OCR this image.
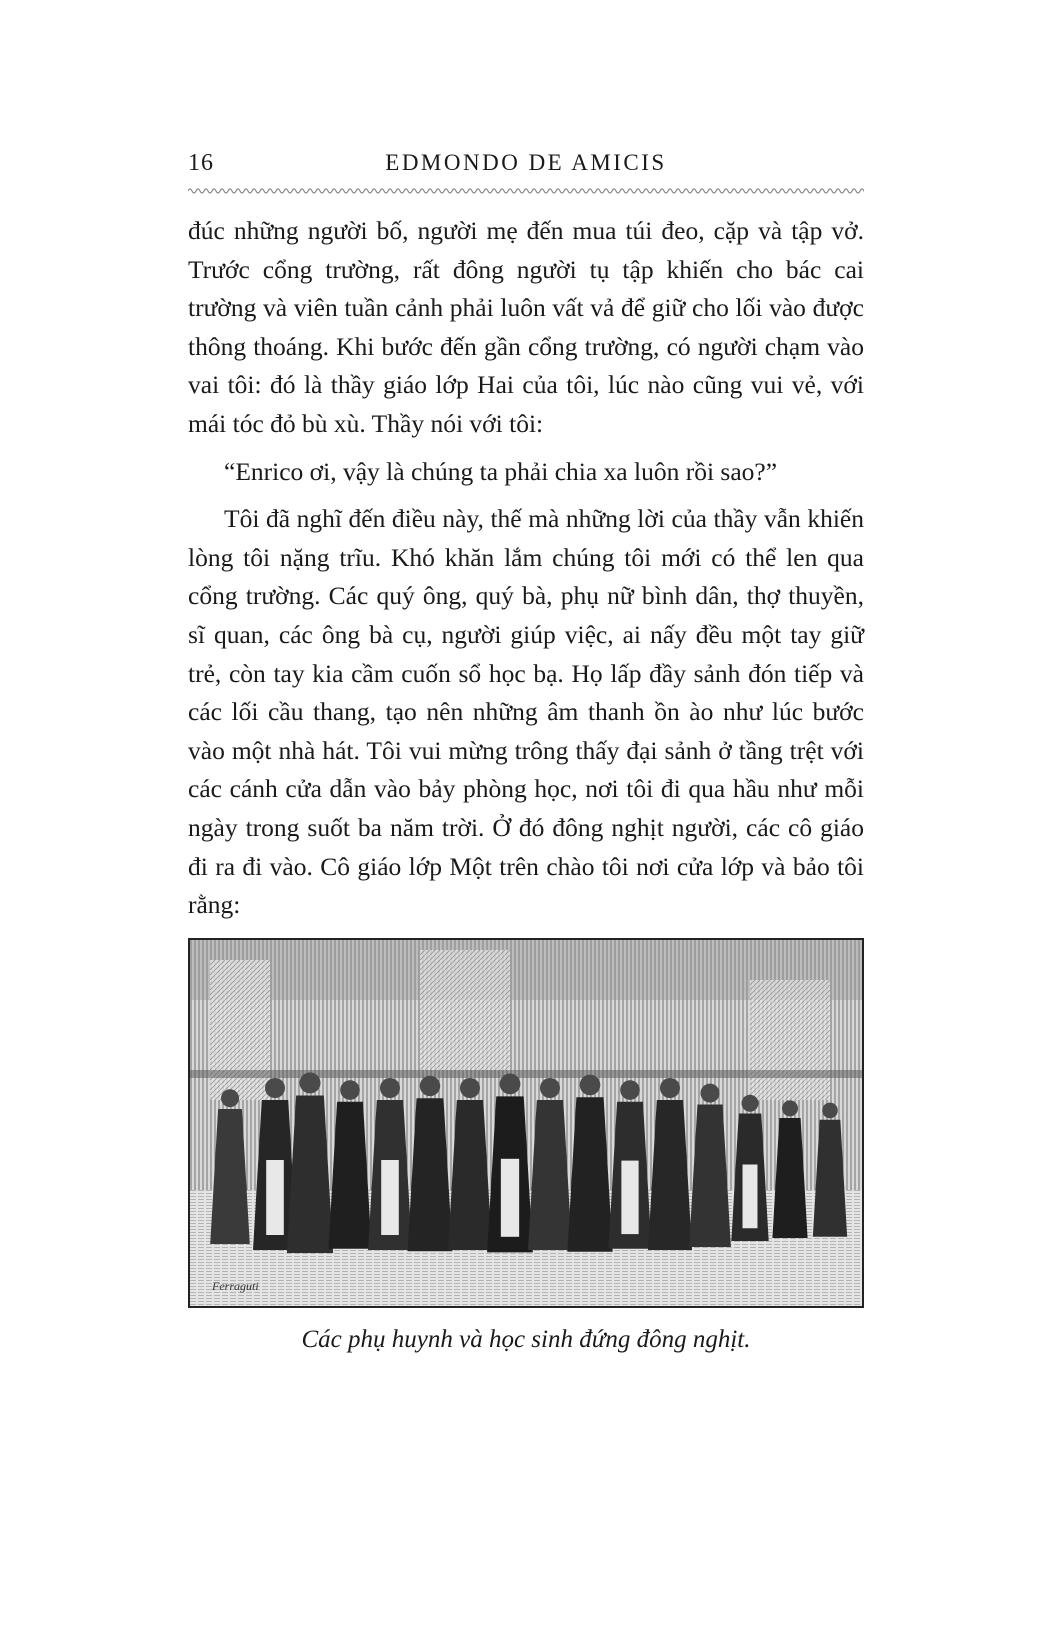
16	EDMONDO DE AMICIS

đúc những người bố, người mẹ đến mua túi đeo, cặp và tập vở. Trước cổng trường, rất đông người tụ tập khiến cho bác cai trường và viên tuần cảnh phải luôn vất vả để giữ cho lối vào được thông thoáng. Khi bước đến gần cổng trường, có người chạm vào vai tôi: đó là thầy giáo lớp Hai của tôi, lúc nào cũng vui vẻ, với mái tóc đỏ bù xù. Thầy nói với tôi:

“Enrico ơi, vậy là chúng ta phải chia xa luôn rồi sao?”

Tôi đã nghĩ đến điều này, thế mà những lời của thầy vẫn khiến lòng tôi nặng trĩu. Khó khăn lắm chúng tôi mới có thể len qua cổng trường. Các quý ông, quý bà, phụ nữ bình dân, thợ thuyền, sĩ quan, các ông bà cụ, người giúp việc, ai nấy đều một tay giữ trẻ, còn tay kia cầm cuốn sổ học bạ. Họ lấp đầy sảnh đón tiếp và các lối cầu thang, tạo nên những âm thanh ồn ào như lúc bước vào một nhà hát. Tôi vui mừng trông thấy đại sảnh ở tầng trệt với các cánh cửa dẫn vào bảy phòng học, nơi tôi đi qua hầu như mỗi ngày trong suốt ba năm trời. Ở đó đông nghịt người, các cô giáo đi ra đi vào. Cô giáo lớp Một trên chào tôi nơi cửa lớp và bảo tôi rằng:

Ferraguti
Các phụ huynh và học sinh đứng đông nghịt.
